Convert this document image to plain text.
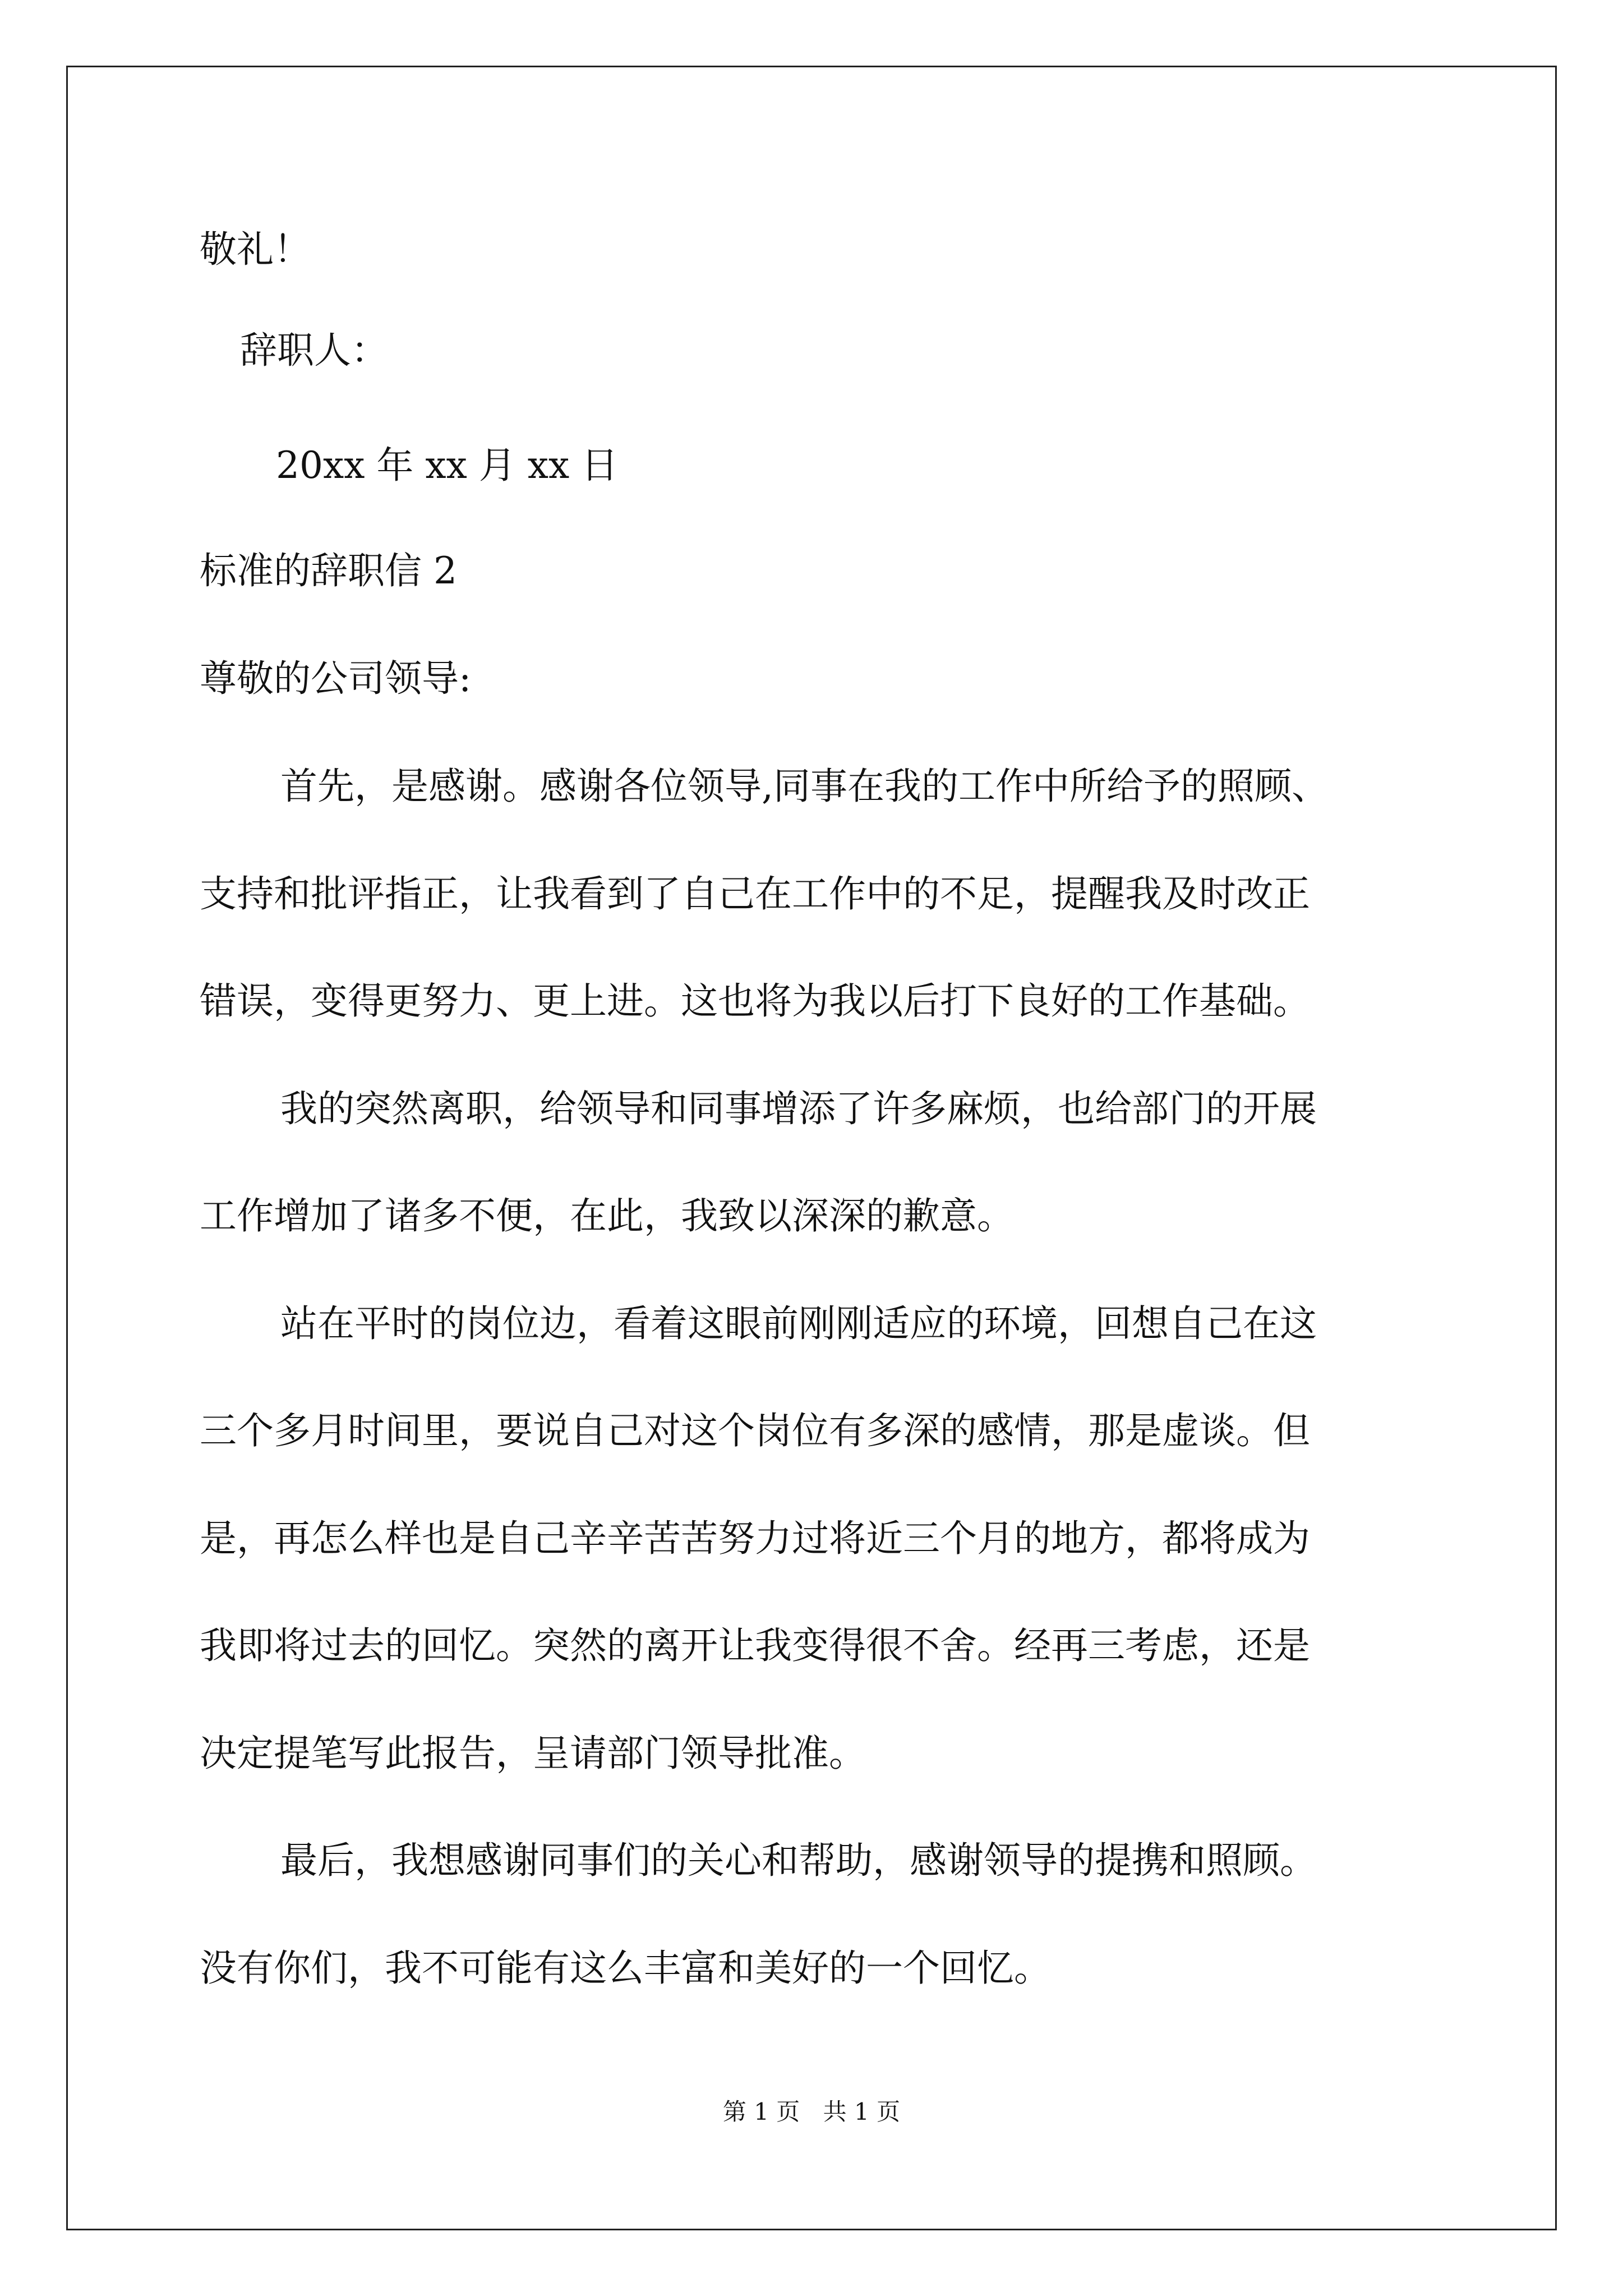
敬礼！
辞职人：
20xx 年 xx 月 xx 日
标准的辞职信 2
尊敬的公司领导:
首先，是感谢。感谢各位领导,同事在我的工作中所给予的照顾、
支持和批评指正，让我看到了自己在工作中的不足，提醒我及时改正
错误，变得更努力、更上进。这也将为我以后打下良好的工作基础。
我的突然离职，给领导和同事增添了许多麻烦，也给部门的开展
工作增加了诸多不便，在此，我致以深深的歉意。
站在平时的岗位边，看着这眼前刚刚适应的环境，回想自己在这
三个多月时间里，要说自己对这个岗位有多深的感情，那是虚谈。但
是，再怎么样也是自己辛辛苦苦努力过将近三个月的地方，都将成为
我即将过去的回忆。突然的离开让我变得很不舍。经再三考虑，还是
决定提笔写此报告，呈请部门领导批准。
最后，我想感谢同事们的关心和帮助，感谢领导的提携和照顾。
没有你们，我不可能有这么丰富和美好的一个回忆。
第 1 页 共 1 页
